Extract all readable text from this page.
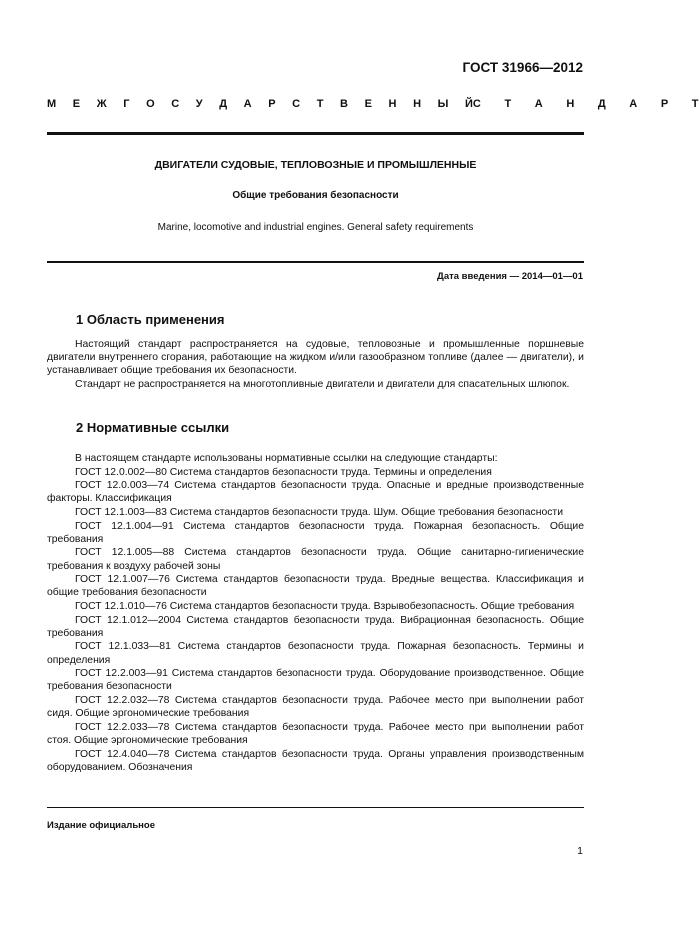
ГОСТ 31966—2012
М Е Ж Г О С У Д А Р С Т В Е Н Н Ы Й С Т А Н Д А Р Т
ДВИГАТЕЛИ СУДОВЫЕ, ТЕПЛОВОЗНЫЕ И ПРОМЫШЛЕННЫЕ
Общие требования безопасности
Marine, locomotive and industrial engines. General safety requirements
Дата введения — 2014—01—01
1 Область применения
Настоящий стандарт распространяется на судовые, тепловозные и промышленные поршневые двигатели внутреннего сгорания, работающие на жидком и/или газообразном топливе (далее — двигатели), и устанавливает общие требования их безопасности.
Стандарт не распространяется на многотопливные двигатели и двигатели для спасательных шлюпок.
2 Нормативные ссылки

В настоящем стандарте использованы нормативные ссылки на следующие стандарты:

ГОСТ 12.0.002—80 Система стандартов безопасности труда. Термины и определения

ГОСТ 12.0.003—74 Система стандартов безопасности труда. Опасные и вредные производственные факторы. Классификация

ГОСТ 12.1.003—83 Система стандартов безопасности труда. Шум. Общие требования безопасности

ГОСТ 12.1.004—91 Система стандартов безопасности труда. Пожарная безопасность. Общие требования

ГОСТ 12.1.005—88 Система стандартов безопасности труда. Общие санитарно-гигиенические требования к воздуху рабочей зоны

ГОСТ 12.1.007—76 Система стандартов безопасности труда. Вредные вещества. Классификация и общие требования безопасности

ГОСТ 12.1.010—76 Система стандартов безопасности труда. Взрывобезопасность. Общие требования

ГОСТ 12.1.012—2004 Система стандартов безопасности труда. Вибрационная безопасность. Общие требования

ГОСТ 12.1.033—81 Система стандартов безопасности труда. Пожарная безопасность. Термины и определения

ГОСТ 12.2.003—91 Система стандартов безопасности труда. Оборудование производственное. Общие требования безопасности

ГОСТ 12.2.032—78 Система стандартов безопасности труда. Рабочее место при выполнении работ сидя. Общие эргономические требования

ГОСТ 12.2.033—78 Система стандартов безопасности труда. Рабочее место при выполнении работ стоя. Общие эргономические требования

ГОСТ 12.4.040—78 Система стандартов безопасности труда. Органы управления производственным оборудованием. Обозначения

Издание официальное
1
